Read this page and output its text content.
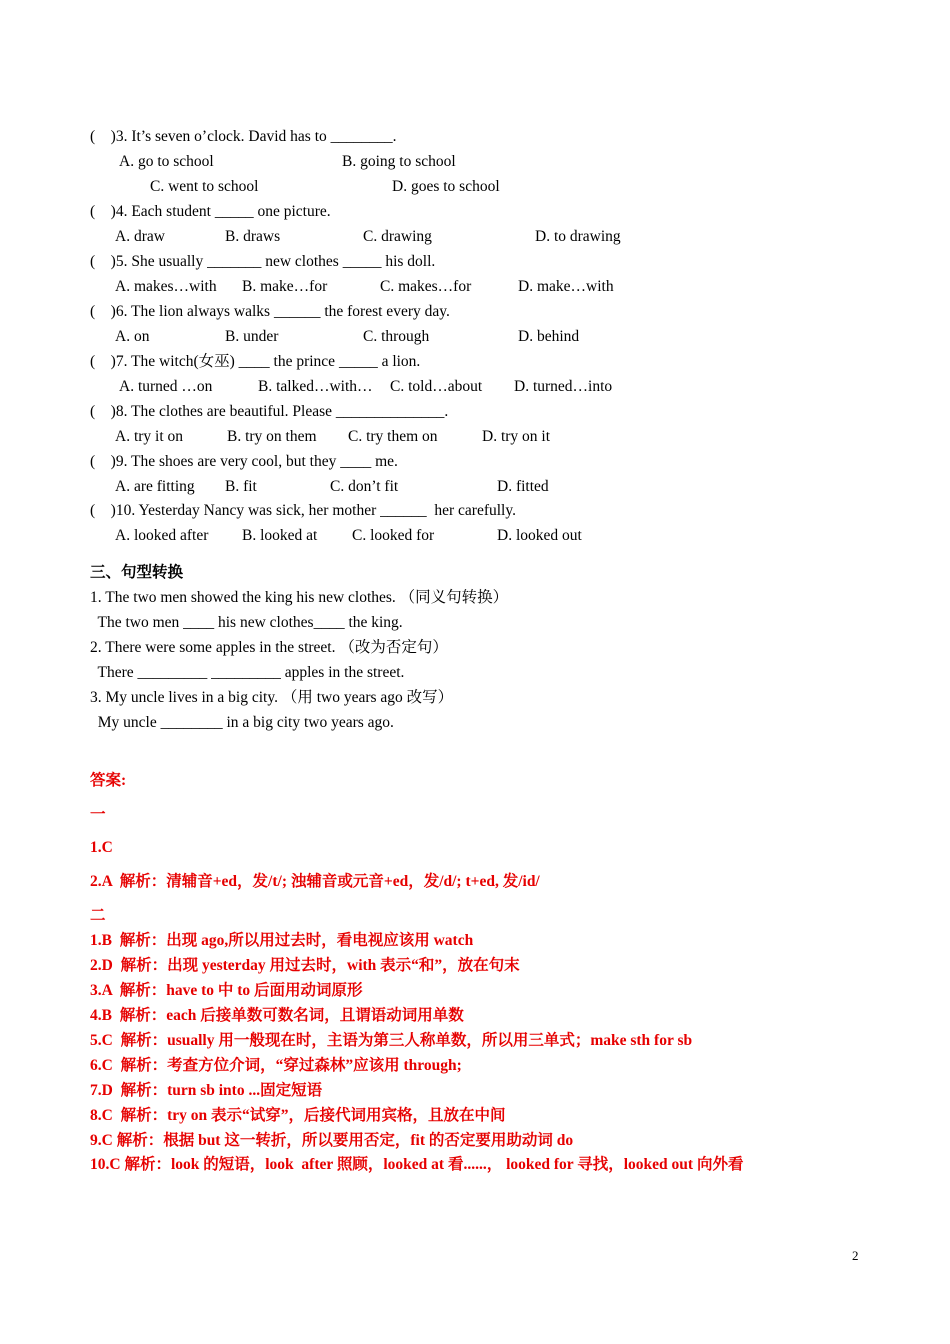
(    )3. It’s seven o’clock. David has to ________.
A. go to school	B. going to school
C. went to school	D. goes to school
(    )4. Each student _____ one picture.
A. draw	B. draws	C. drawing	D. to drawing
(    )5. She usually _______ new clothes _____ his doll.
A. makes…with B. make…for	C. makes…for	D. make…with
(    )6. The lion always walks ______ the forest every day.
A. on	B. under	C. through	D. behind
(    )7. The witch(女巫) ____ the prince _____ a lion.
A. turned …on	B. talked…with… C. told…about D. turned…into
(    )8. The clothes are beautiful. Please ______________.
A. try it on	B. try on them C. try them on	D. try on it
(    )9. The shoes are very cool, but they ____ me.
A. are fitting B. fit	C. don’t fit	D. fitted
(    )10. Yesterday Nancy was sick, her mother ______  her carefully.
A. looked after B. looked at C. looked for	D. looked out
三、句型转换
1. The two men showed the king his new clothes. （同义句转换）
The two men ____ his new clothes____ the king.
2. There were some apples in the street. （改为否定句）
There _________ _________ apples in the street.
3. My uncle lives in a big city. （用 two years ago 改写）
My uncle ________ in a big city two years ago.
答案:
一
1.C
2.A  解析：清辅音+ed，发/t/; 浊辅音或元音+ed，发/d/; t+ed, 发/id/
二
1.B  解析：出现 ago,所以用过去时，看电视应该用 watch
2.D  解析：出现 yesterday 用过去时，with 表示“和”，放在句末
3.A  解析：have to 中 to 后面用动词原形
4.B  解析：each 后接单数可数名词，且谓语动词用单数
5.C  解析：usually 用一般现在时，主语为第三人称单数，所以用三单式；make sth for sb
6.C  解析：考查方位介词，“穿过森林”应该用 through;
7.D  解析：turn sb into ...固定短语
8.C  解析：try on 表示“试穿”，后接代词用宾格，且放在中间
9.C 解析：根据 but 这一转折，所以要用否定，fit 的否定要用助动词 do
10.C 解析：look 的短语，look  after 照顾，looked at 看......， looked for 寻找，looked out 向外看
2
